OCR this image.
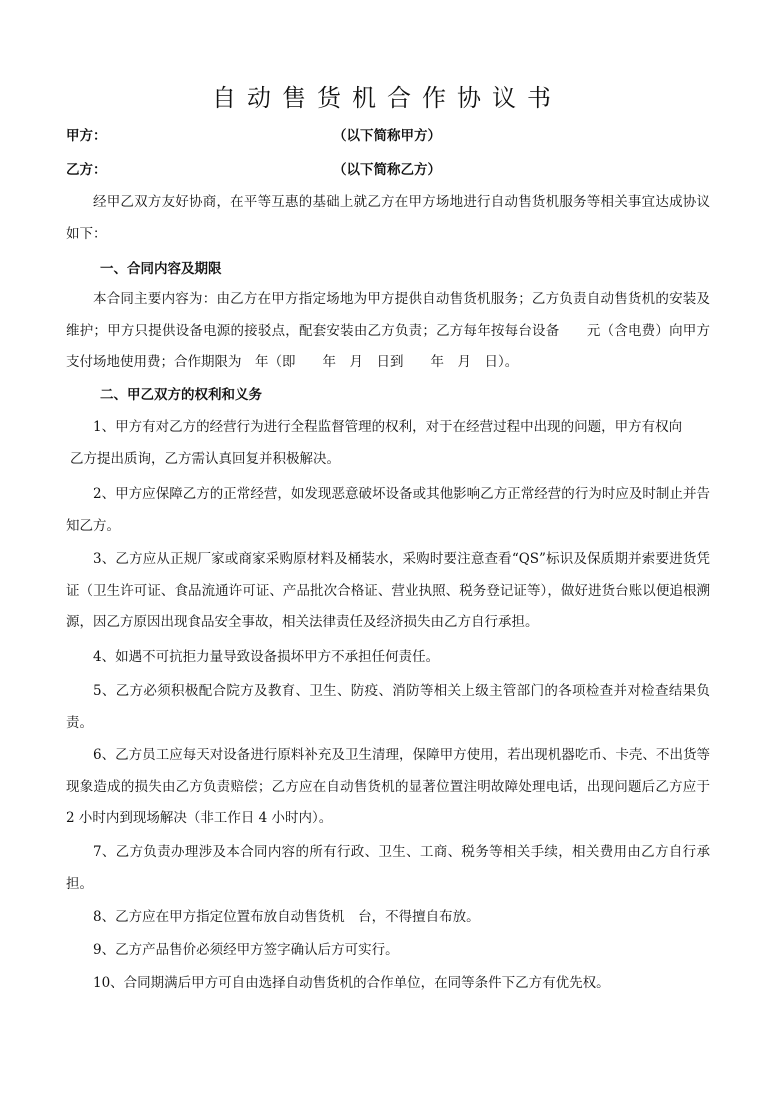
自动售货机合作协议书
甲方：	（以下简称甲方）
乙方：	（以下简称乙方）

经甲乙双方友好协商，在平等互惠的基础上就乙方在甲方场地进行自动售货机服务等相关事宜达成协议如下：

一、合同内容及期限

本合同主要内容为：由乙方在甲方指定场地为甲方提供自动售货机服务；乙方负责自动售货机的安装及维护；甲方只提供设备电源的接驳点，配套安装由乙方负责；乙方每年按每台设备　　元（含电费）向甲方支付场地使用费；合作期限为　年（即　　年　月　日到　　年　月　日）。

二、甲乙双方的权利和义务

1、甲方有对乙方的经营行为进行全程监督管理的权利，对于在经营过程中出现的问题，甲方有权向
乙方提出质询，乙方需认真回复并积极解决。

2、甲方应保障乙方的正常经营，如发现恶意破坏设备或其他影响乙方正常经营的行为时应及时制止并告知乙方。

3、乙方应从正规厂家或商家采购原材料及桶装水，采购时要注意查看“QS”标识及保质期并索要进货凭证（卫生许可证、食品流通许可证、产品批次合格证、营业执照、税务登记证等），做好进货台账以便追根溯源，因乙方原因出现食品安全事故，相关法律责任及经济损失由乙方自行承担。

4、如遇不可抗拒力量导致设备损坏甲方不承担任何责任。

5、乙方必须积极配合院方及教育、卫生、防疫、消防等相关上级主管部门的各项检查并对检查结果负责。

6、乙方员工应每天对设备进行原料补充及卫生清理，保障甲方使用，若出现机器吃币、卡壳、不出货等现象造成的损失由乙方负责赔偿；乙方应在自动售货机的显著位置注明故障处理电话，出现问题后乙方应于 2 小时内到现场解决（非工作日 4 小时内）。

7、乙方负责办理涉及本合同内容的所有行政、卫生、工商、税务等相关手续，相关费用由乙方自行承担。

8、乙方应在甲方指定位置布放自动售货机　台，不得擅自布放。

9、乙方产品售价必须经甲方签字确认后方可实行。

10、合同期满后甲方可自由选择自动售货机的合作单位，在同等条件下乙方有优先权。
